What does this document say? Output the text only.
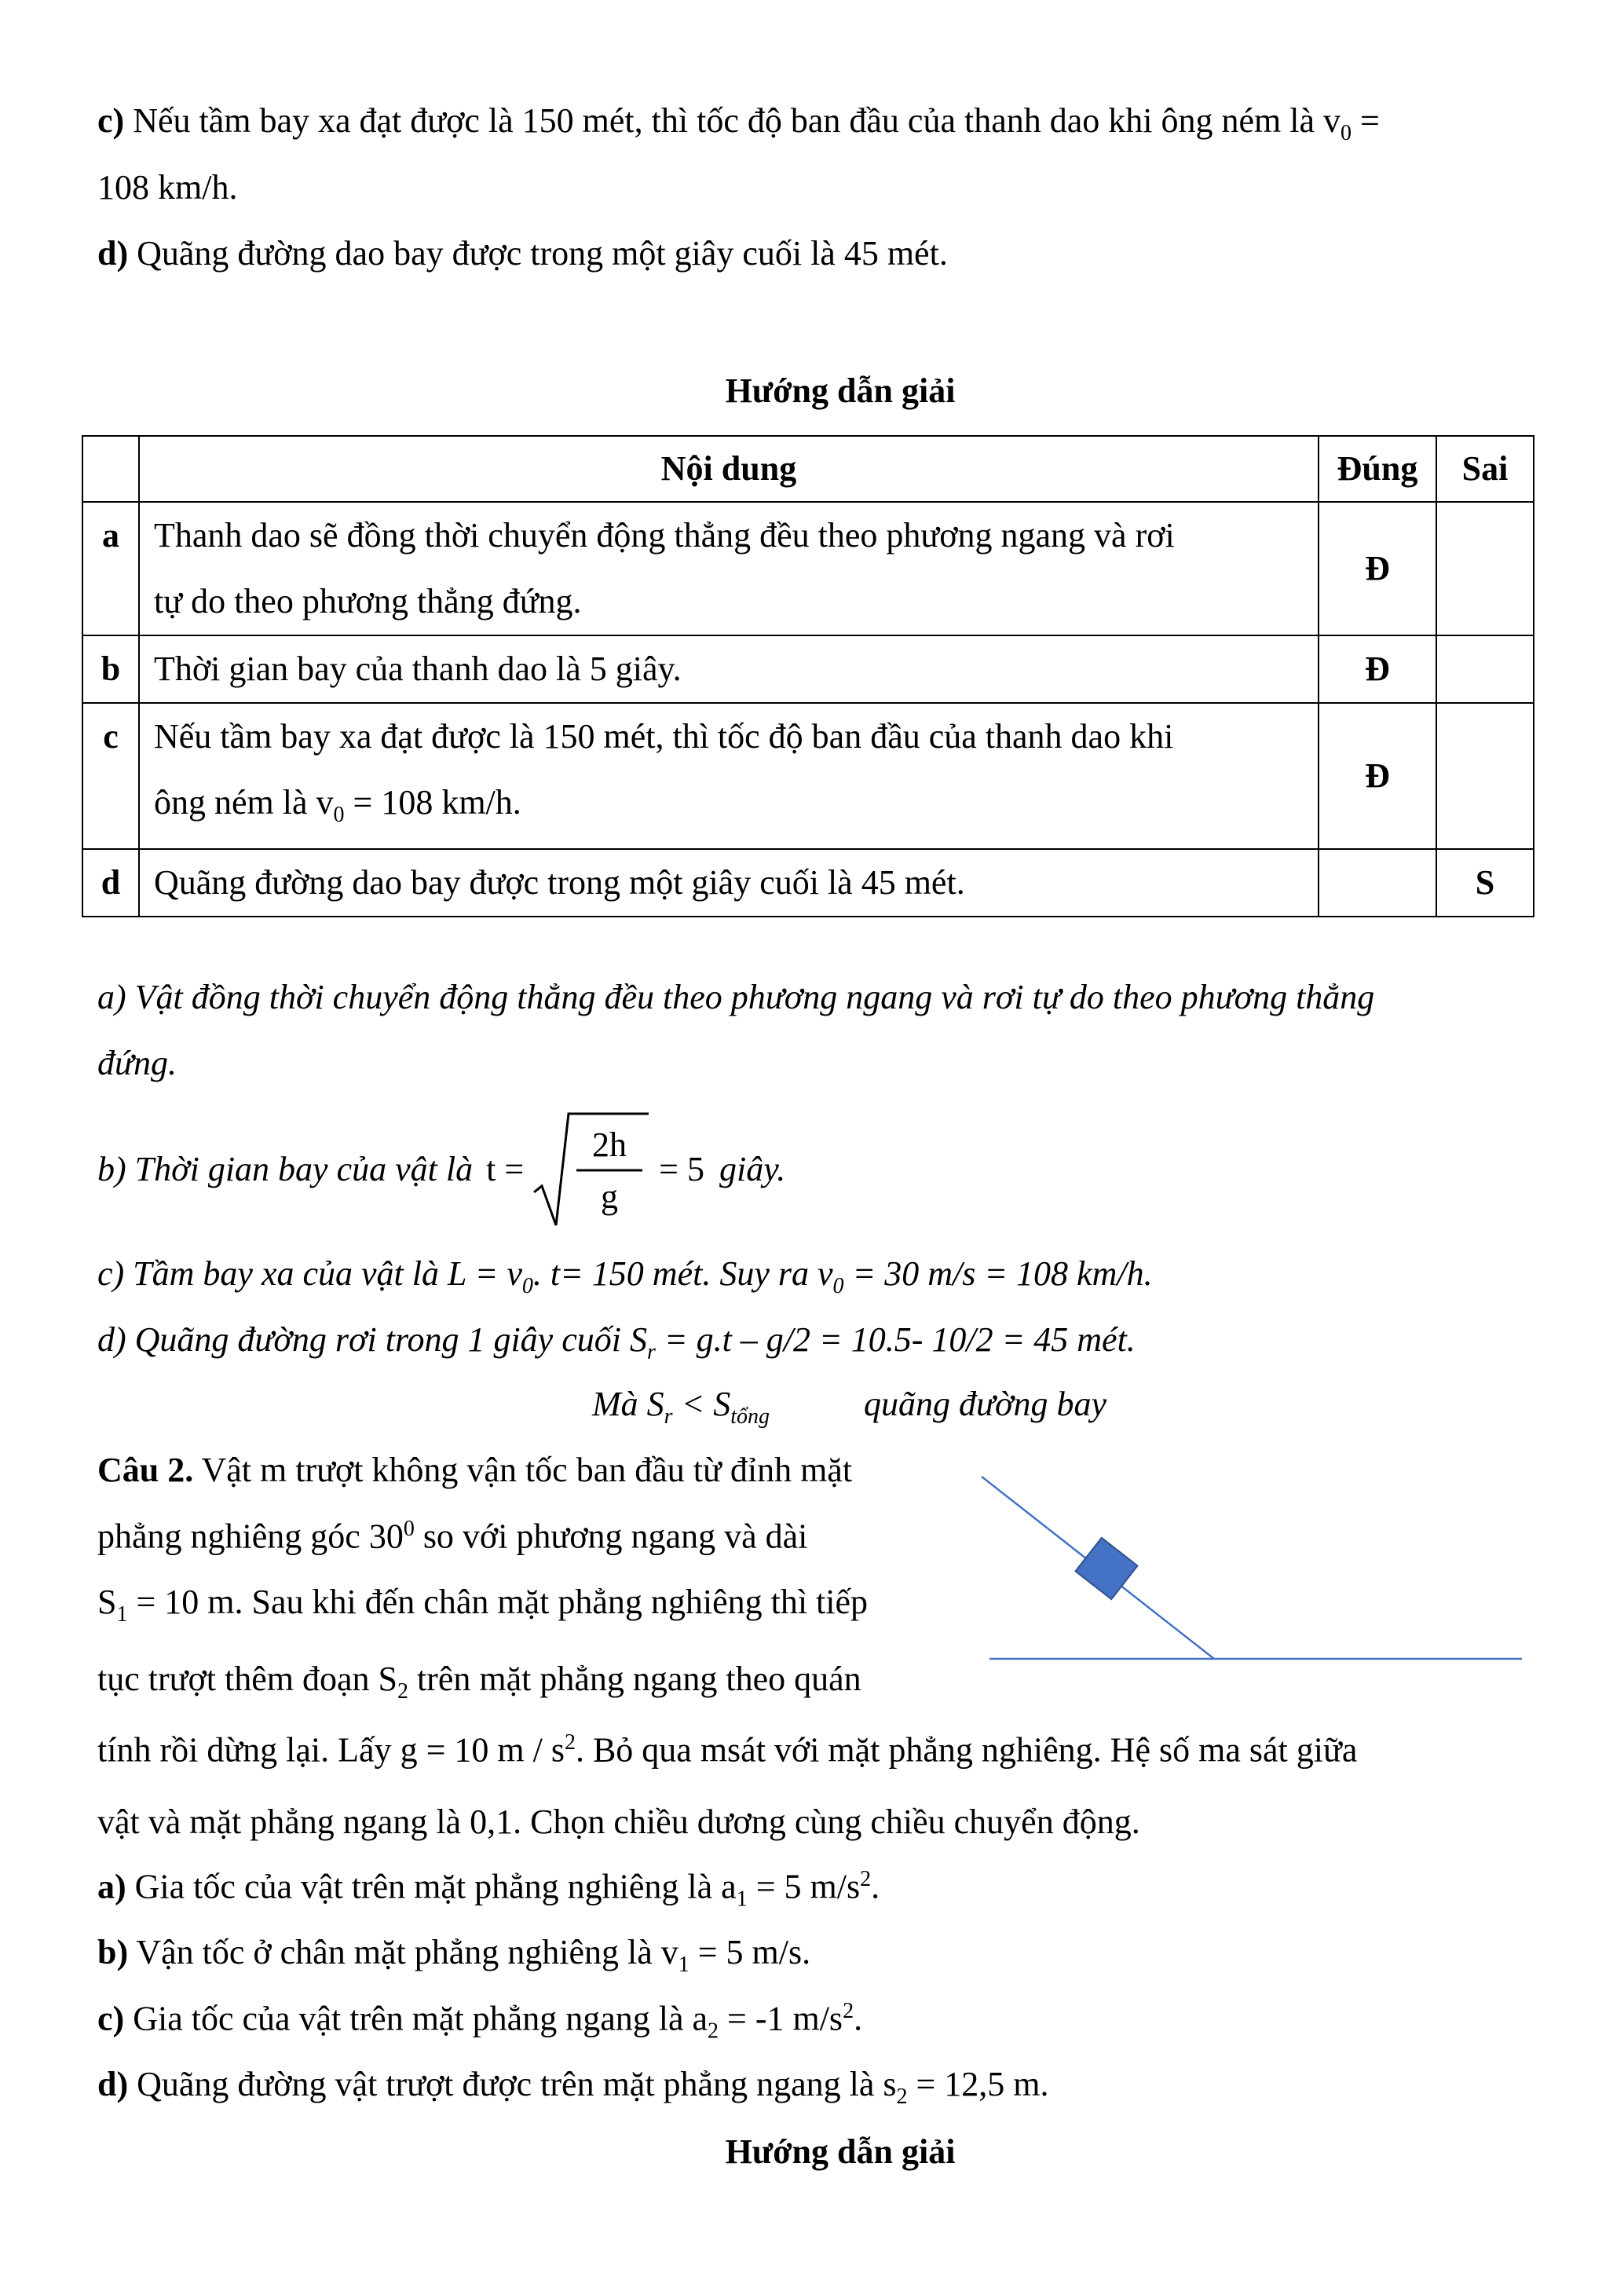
c) Nếu tầm bay xa đạt được là 150 mét, thì tốc độ ban đầu của thanh dao khi ông ném là $v_0$ =
108 km/h.
d) Quãng đường dao bay được trong một giây cuối là 45 mét.
Hướng dẫn giải
	Nội dung	Đúng	Sai
a	Thanh dao sẽ đồng thời chuyển động thẳng đều theo phương ngang và rơi
tự do theo phương thẳng đứng.	Đ	
b	Thời gian bay của thanh dao là 5 giây.	Đ	
c	Nếu tầm bay xa đạt được là 150 mét, thì tốc độ ban đầu của thanh dao khi
ông ném là $v_0 = 108$ km/h.	Đ	
d	Quãng đường dao bay được trong một giây cuối là 45 mét.		S
a) Vật đồng thời chuyển động thẳng đều theo phương ngang và rơi tự do theo phương thẳng
đứng.
b) Thời gian bay của vật là t =
2h
g
= 5 giây.
c) Tầm bay xa của vật là $L = v_0$. t= 150 mét. Suy ra $v_0 = 30$ m/s = 108 km/h.
d) Quãng đường rơi trong 1 giây cuối $S_r = g.t - g/2 = 10.5-$ 10/2 = 45 mét.
Mà $S_r < S_{tổng}$	quãng đường bay
Câu 2. Vật m trượt không vận tốc ban đầu từ đỉnh mặt
phẳng nghiêng góc $30^0$ so với phương ngang và dài
$S_1 = 10$ m. Sau khi đến chân mặt phẳng nghiêng thì tiếp
tục trượt thêm đoạn $S_2$ trên mặt phẳng ngang theo quán
tính rồi dừng lại. Lấy g = 10 m / $s^2$. Bỏ qua msát với mặt phẳng nghiêng. Hệ số ma sát giữa
vật và mặt phẳng ngang là 0,1. Chọn chiều dương cùng chiều chuyển động.
a) Gia tốc của vật trên mặt phẳng nghiêng là $a_1 = 5$ $m/s^2$.
b) Vận tốc ở chân mặt phẳng nghiêng là $v_1 = 5$ m/s.
c) Gia tốc của vật trên mặt phẳng ngang là $a_2 = -1$ $m/s^2$.
d) Quãng đường vật trượt được trên mặt phẳng ngang là $s_2 = 12,5$ m.
Hướng dẫn giải
